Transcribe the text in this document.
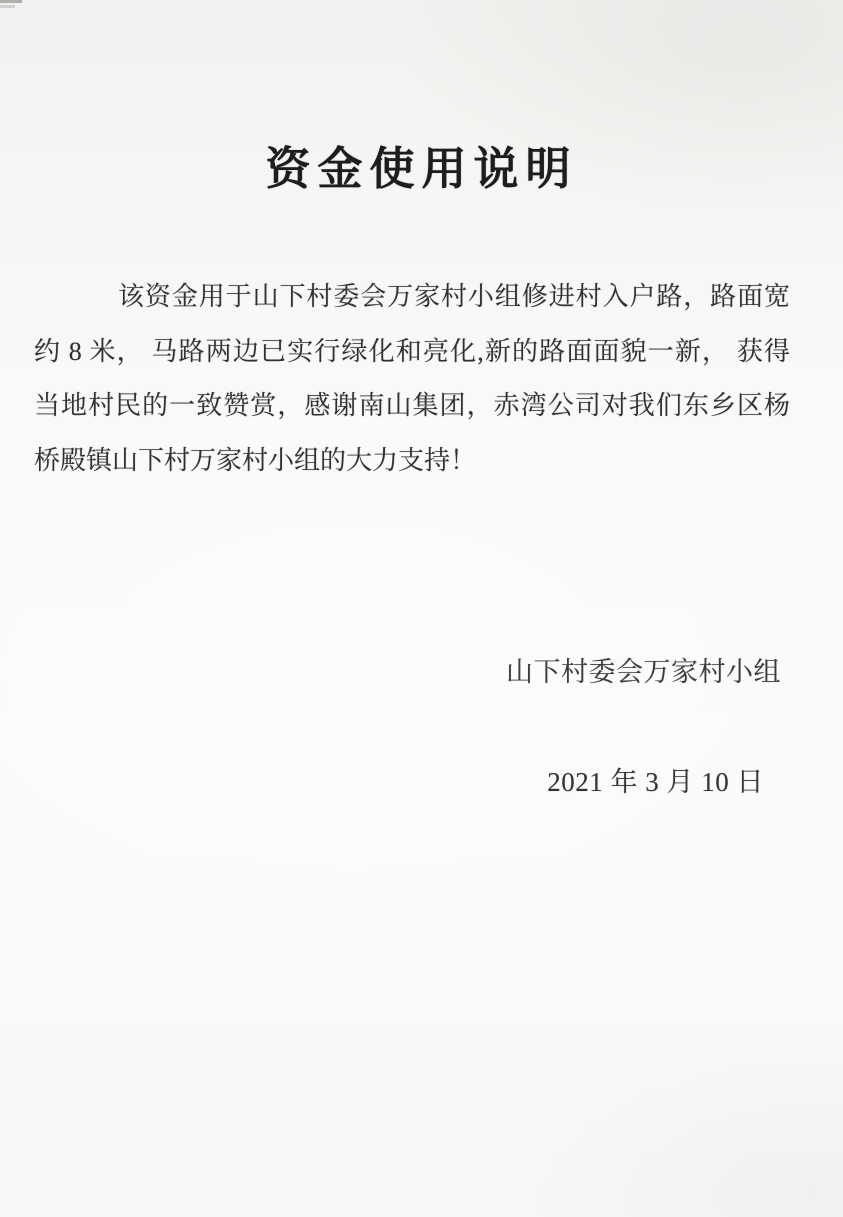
资金使用说明
该资金用于山下村委会万家村小组修进村入户路，路面宽
约 8 米， 马路两边已实行绿化和亮化,新的路面面貌一新， 获得
当地村民的一致赞赏，感谢南山集团，赤湾公司对我们东乡区杨
桥殿镇山下村万家村小组的大力支持！
山下村委会万家村小组
2021 年 3 月 10 日
